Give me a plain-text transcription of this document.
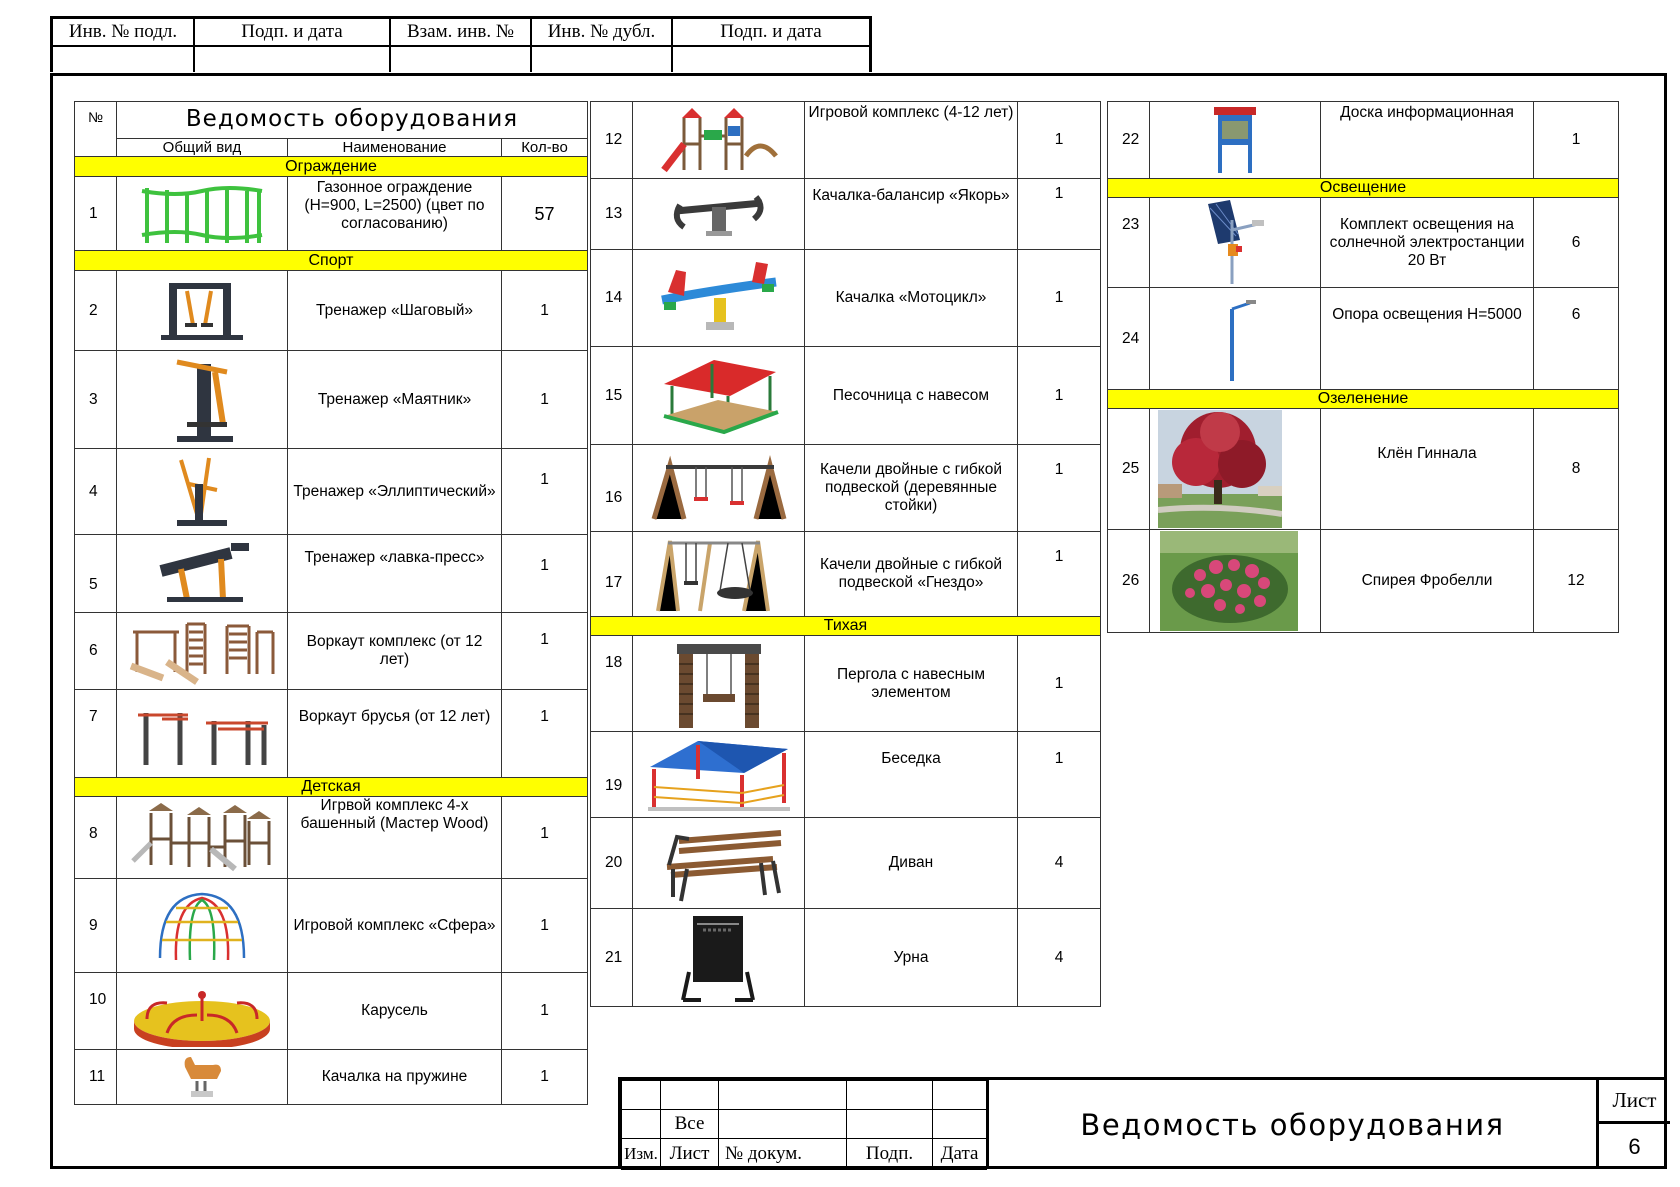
Инв. № подл.	Подп. и дата	Взам. инв. №	Инв. № дубл.	Подп. и дата

№	Ведомость оборудования		
	Общий вид	Наименование	Кол-во
Ограждение			
1		Газонное ограждение (Н=900, L=2500) (цвет по согласованию)	57
Спорт			
2		Тренажер «Шаговый»	1
3		Тренажер «Маятник»	1
4		Тренажер «Эллиптический»	1
5		Тренажер «лавка-пресс»	1
6		Воркаут комплекс (от 12 лет)	1
7		Воркаут брусья (от 12 лет)	1
Детская			
8		Игрвой комплекс 4-х башенный (Мастер Wood)	1
9		Игровой комплекс «Сфера»	1
10		Карусель	1
11		Качалка на пружине	1
12		Игровой комплекс (4-12 лет)	1
13		Качалка-балансир «Якорь»	1
14		Качалка «Мотоцикл»	1
15		Песочница с навесом	1
16		Качели двойные с гибкой подвеской (деревянные стойки)	1
17		Качели двойные с гибкой подвеской «Гнездо»	1
Тихая			
18		Пергола с навесным элементом	1
19		Беседка	1
20		Диван	4
21		Урна	4
22		Доска информационная	1
Освещение			
23		Комплект освещения на солнечной электростанции 20 Вт	6
24		Опора освещения Н=5000	6
Озеленение			
25		Клён Гиннала	8
26		Спирея Фробелли	12

	Все			
Изм.	Лист	№ докум.	Подп.	Дата
Ведомость оборудования
Лист
6
